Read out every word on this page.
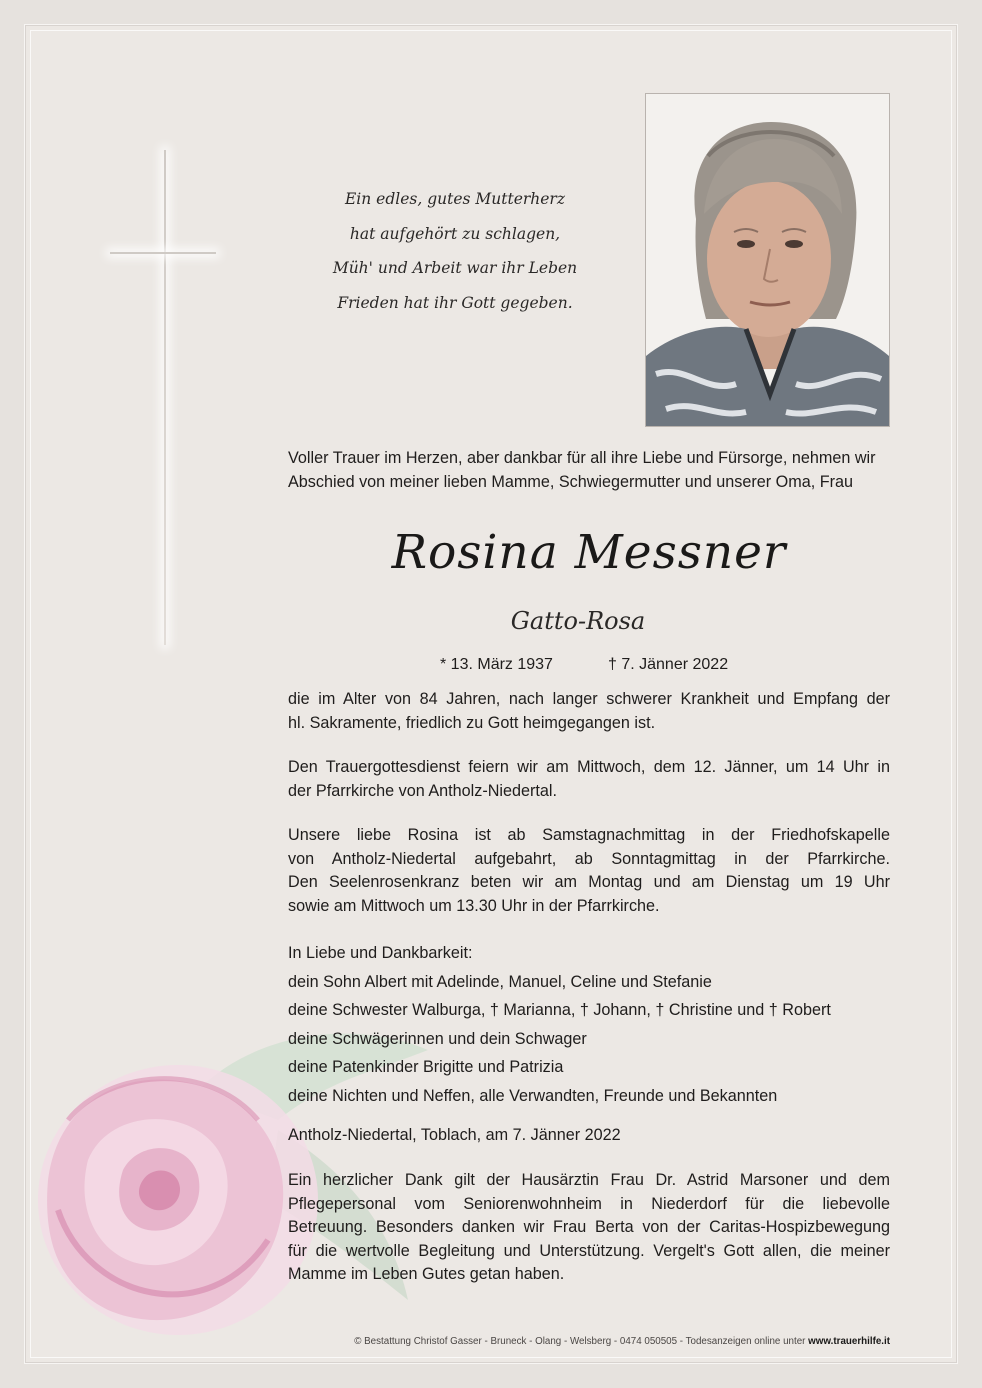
Ein edles, gutes Mutterherz
hat aufgehört zu schlagen,
Müh' und Arbeit war ihr Leben
Frieden hat ihr Gott gegeben.
Voller Trauer im Herzen, aber dankbar für all ihre Liebe und Fürsorge, nehmen wir
Abschied von meiner lieben Mamme, Schwiegermutter und unserer Oma, Frau
Rosina Messner
Gatto-Rosa
* 13. März 1937	† 7. Jänner 2022
die im Alter von 84 Jahren, nach langer schwerer Krankheit und Empfang der
hl. Sakramente, friedlich zu Gott heimgegangen ist.
Den Trauergottesdienst feiern wir am Mittwoch, dem 12. Jänner, um 14 Uhr in
der Pfarrkirche von Antholz-Niedertal.
Unsere liebe Rosina ist ab Samstagnachmittag in der Friedhofskapelle
von Antholz-Niedertal aufgebahrt, ab Sonntagmittag in der Pfarrkirche.
Den Seelenrosenkranz beten wir am Montag und am Dienstag um 19 Uhr
sowie am Mittwoch um 13.30 Uhr in der Pfarrkirche.
In Liebe und Dankbarkeit:
dein Sohn Albert mit Adelinde, Manuel, Celine und Stefanie
deine Schwester Walburga, † Marianna, † Johann, † Christine und † Robert
deine Schwägerinnen und dein Schwager
deine Patenkinder Brigitte und Patrizia
deine Nichten und Neffen, alle Verwandten, Freunde und Bekannten
Antholz-Niedertal, Toblach, am 7. Jänner 2022
Ein herzlicher Dank gilt der Hausärztin Frau Dr. Astrid Marsoner und dem
Pflegepersonal vom Seniorenwohnheim in Niederdorf für die liebevolle
Betreuung. Besonders danken wir Frau Berta von der Caritas-Hospizbewegung
für die wertvolle Begleitung und Unterstützung. Vergelt's Gott allen, die meiner
Mamme im Leben Gutes getan haben.
© Bestattung Christof Gasser - Bruneck - Olang - Welsberg - 0474 050505 - Todesanzeigen online unter www.trauerhilfe.it
